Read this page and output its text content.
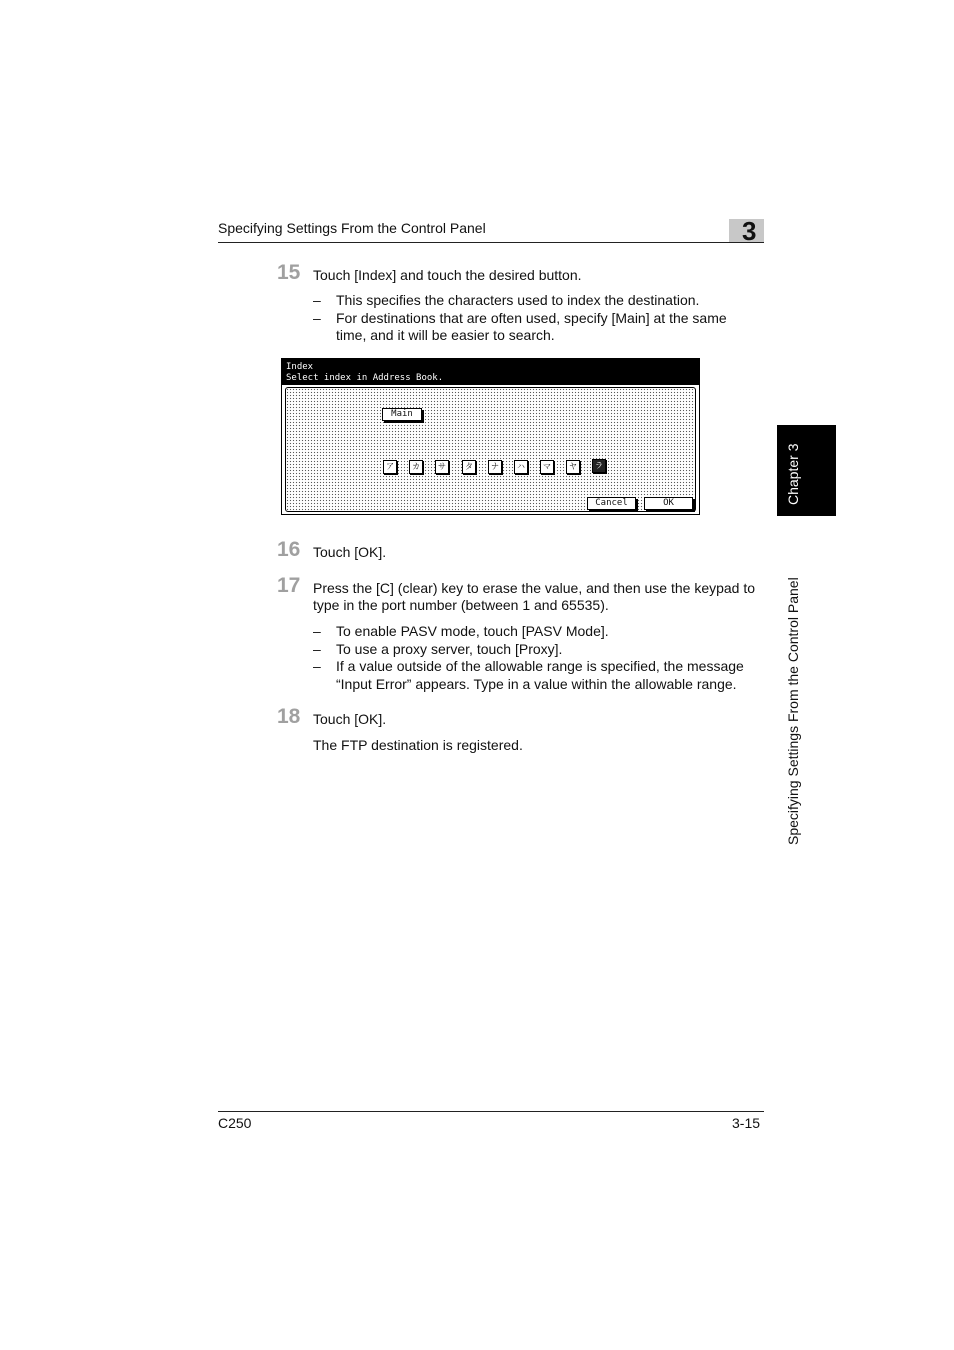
Specifying Settings From the Control Panel	3
Chapter 3
Specifying Settings From the Control Panel
15 Touch [Index] and touch the desired button.
– This specifies the characters used to index the destination.
– For destinations that are often used, specify [Main] at the same
time, and it will be easier to search.
Index
Select index in Address Book.
Main
ア	カ	サ	タ	ナ	ハ	マ	ヤ	ラ
Cancel	OK
16 Touch [OK].
17 Press the [C] (clear) key to erase the value, and then use the keypad to
type in the port number (between 1 and 65535).
– To enable PASV mode, touch [PASV Mode].
– To use a proxy server, touch [Proxy].
– If a value outside of the allowable range is specified, the message
“Input Error” appears. Type in a value within the allowable range.
18 Touch [OK].
The FTP destination is registered.
C250	3-15
